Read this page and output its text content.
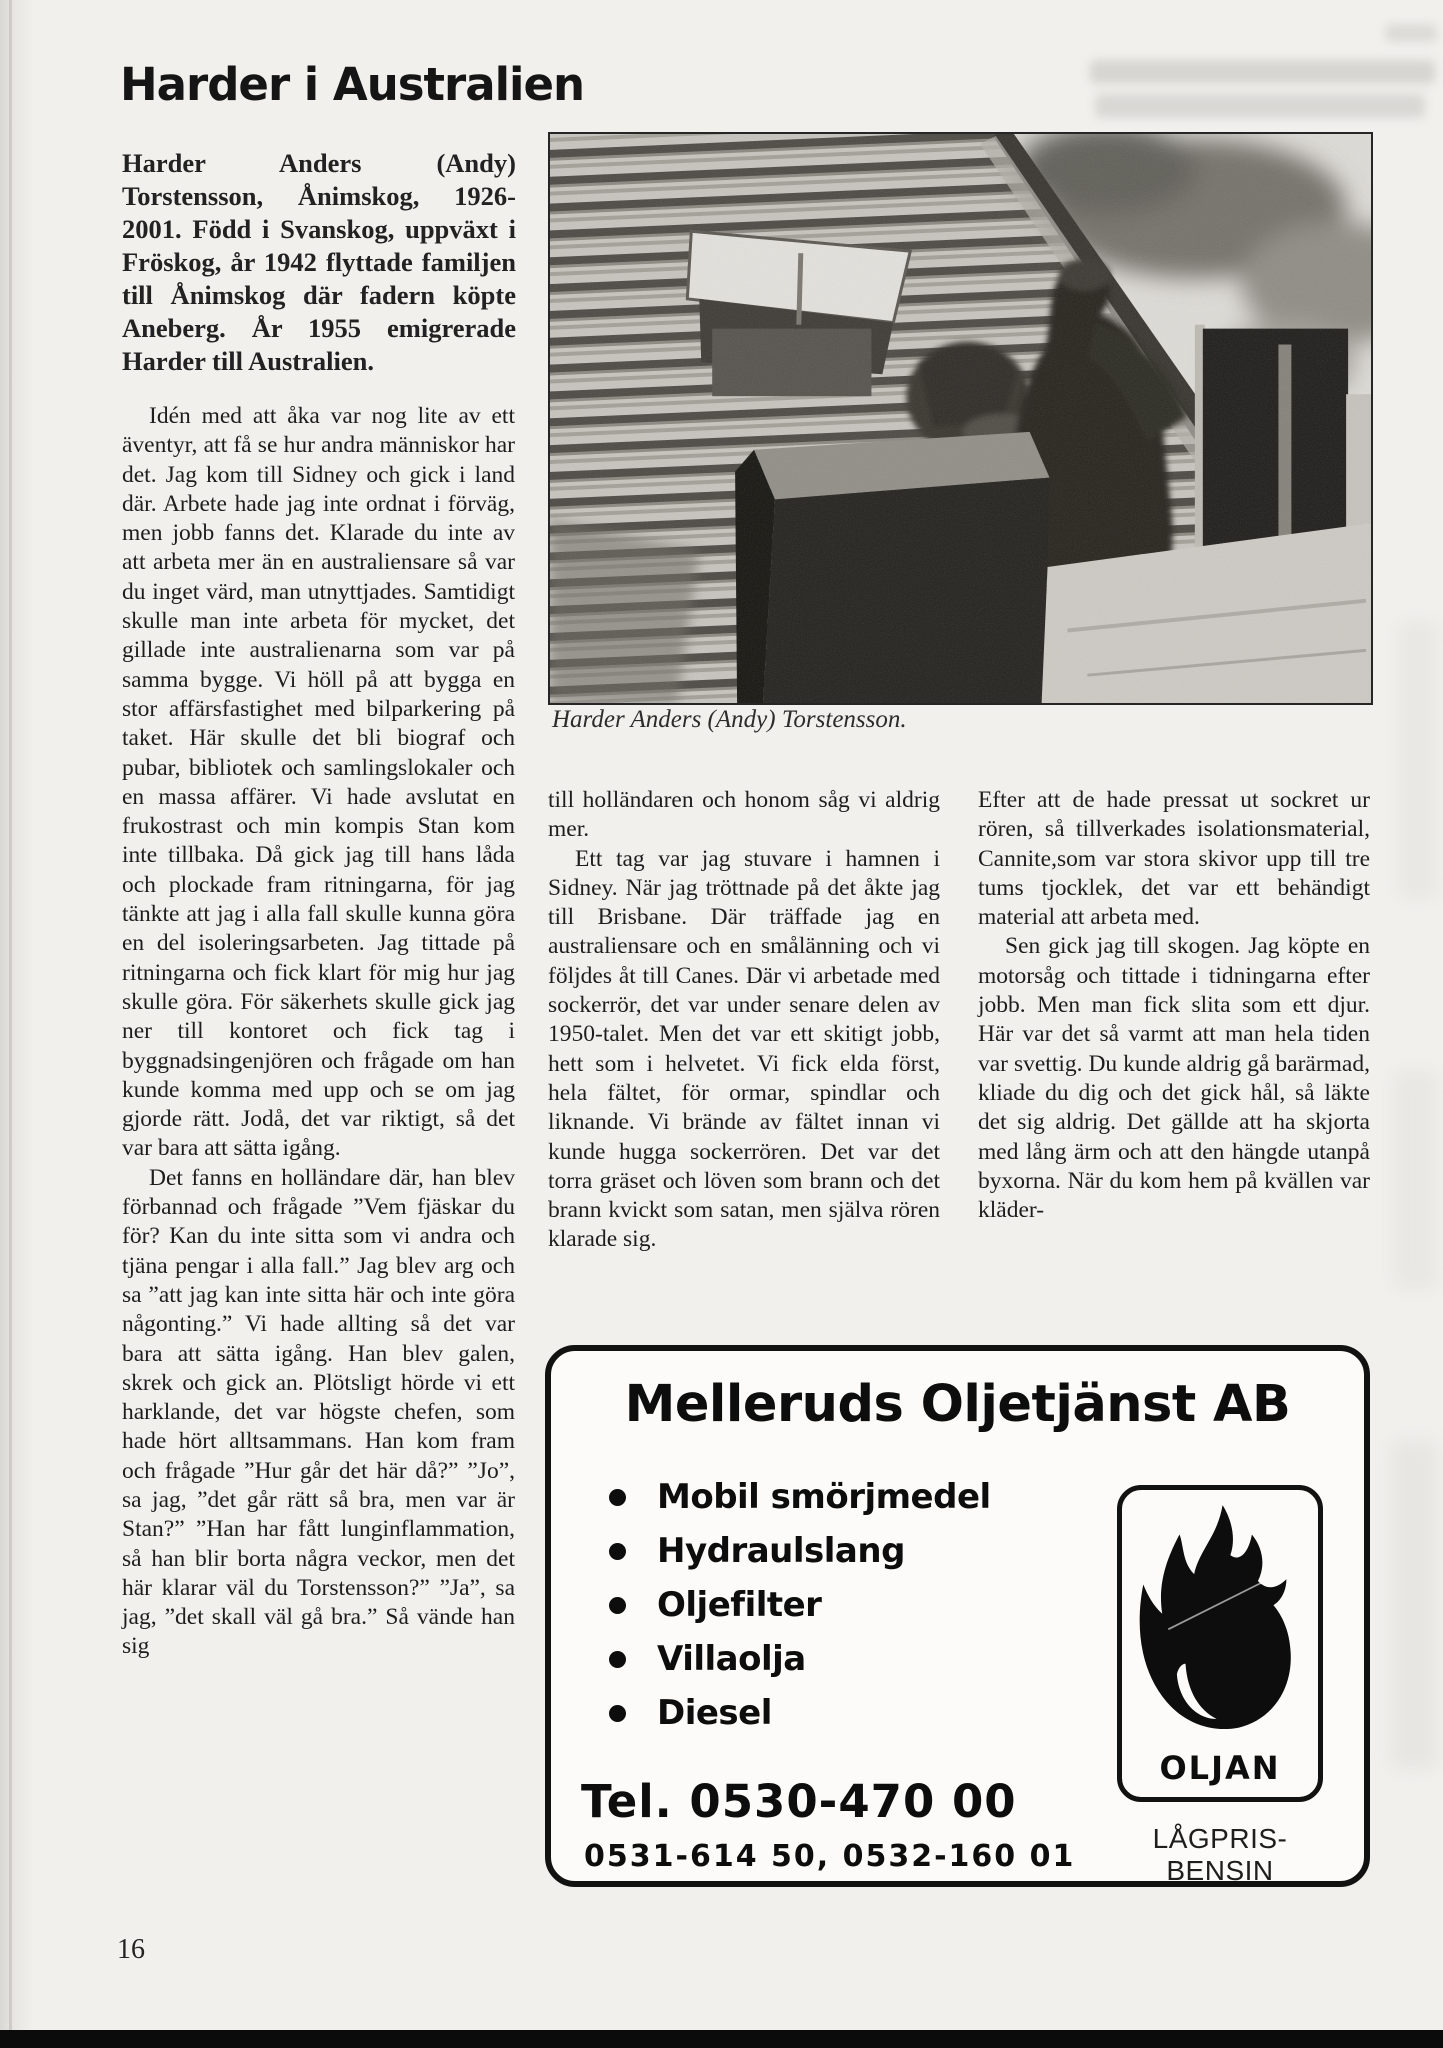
Harder i Australien

Harder Anders (Andy) Torstensson, Ånimskog, 1926-2001. Född i Svanskog, uppväxt i Fröskog, år 1942 flyttade familjen till Ånimskog där fadern köpte Aneberg. År 1955 emigrerade Harder till Australien.

Idén med att åka var nog lite av ett äventyr, att få se hur andra människor har det. Jag kom till Sidney och gick i land där. Arbete hade jag inte ordnat i förväg, men jobb fanns det. Klarade du inte av att arbeta mer än en australiensare så var du inget värd, man utnyttjades. Samtidigt skulle man inte arbeta för mycket, det gillade inte australienarna som var på samma bygge. Vi höll på att bygga en stor affärsfastighet med bilparkering på taket. Här skulle det bli biograf och pubar, bibliotek och samlingslokaler och en massa affärer. Vi hade avslutat en frukostrast och min kompis Stan kom inte tillbaka. Då gick jag till hans låda och plockade fram ritningarna, för jag tänkte att jag i alla fall skulle kunna göra en del isoleringsarbeten. Jag tittade på ritningarna och fick klart för mig hur jag skulle göra. För säkerhets skulle gick jag ner till kontoret och fick tag i byggnadsingenjören och frågade om han kunde komma med upp och se om jag gjorde rätt. Jodå, det var riktigt, så det var bara att sätta igång.

Det fanns en holländare där, han blev förbannad och frågade ”Vem fjäskar du för? Kan du inte sitta som vi andra och tjäna pengar i alla fall.” Jag blev arg och sa ”att jag kan inte sitta här och inte göra någonting.” Vi hade allting så det var bara att sätta igång. Han blev galen, skrek och gick an. Plötsligt hörde vi ett harklande, det var högste chefen, som hade hört alltsammans. Han kom fram och frågade ”Hur går det här då?” ”Jo”, sa jag, ”det går rätt så bra, men var är Stan?” ”Han har fått lunginflammation, så han blir borta några veckor, men det här klarar väl du Torstensson?” ”Ja”, sa jag, ”det skall väl gå bra.” Så vände han sig

Harder Anders (Andy) Torstensson.

till holländaren och honom såg vi aldrig mer.

Ett tag var jag stuvare i hamnen i Sidney. När jag tröttnade på det åkte jag till Brisbane. Där träffade jag en australiensare och en smålänning och vi följdes åt till Canes. Där vi arbetade med sockerrör, det var under senare delen av 1950-talet. Men det var ett skitigt jobb, hett som i helvetet. Vi fick elda först, hela fältet, för ormar, spindlar och liknande. Vi brände av fältet innan vi kunde hugga sockerrören. Det var det torra gräset och löven som brann och det brann kvickt som satan, men själva rören klarade sig.

Efter att de hade pressat ut sockret ur rören, så tillverkades isolationsmaterial, Cannite,som var stora skivor upp till tre tums tjocklek, det var ett behändigt material att arbeta med.

Sen gick jag till skogen. Jag köpte en motorsåg och tittade i tidningarna efter jobb. Men man fick slita som ett djur. Här var det så varmt att man hela tiden var svettig. Du kunde aldrig gå barärmad, kliade du dig och det gick hål, så läkte det sig aldrig. Det gällde att ha skjorta med lång ärm och att den hängde utanpå byxorna. När du kom hem på kvällen var kläder-

Melleruds Oljetjänst AB
Mobil smörjmedel
Hydraulslang
Oljefilter
Villaolja
Diesel
Tel. 0530-470 00
0531-614 50, 0532-160 01
OLJAN
LÅGPRIS-BENSIN
16
